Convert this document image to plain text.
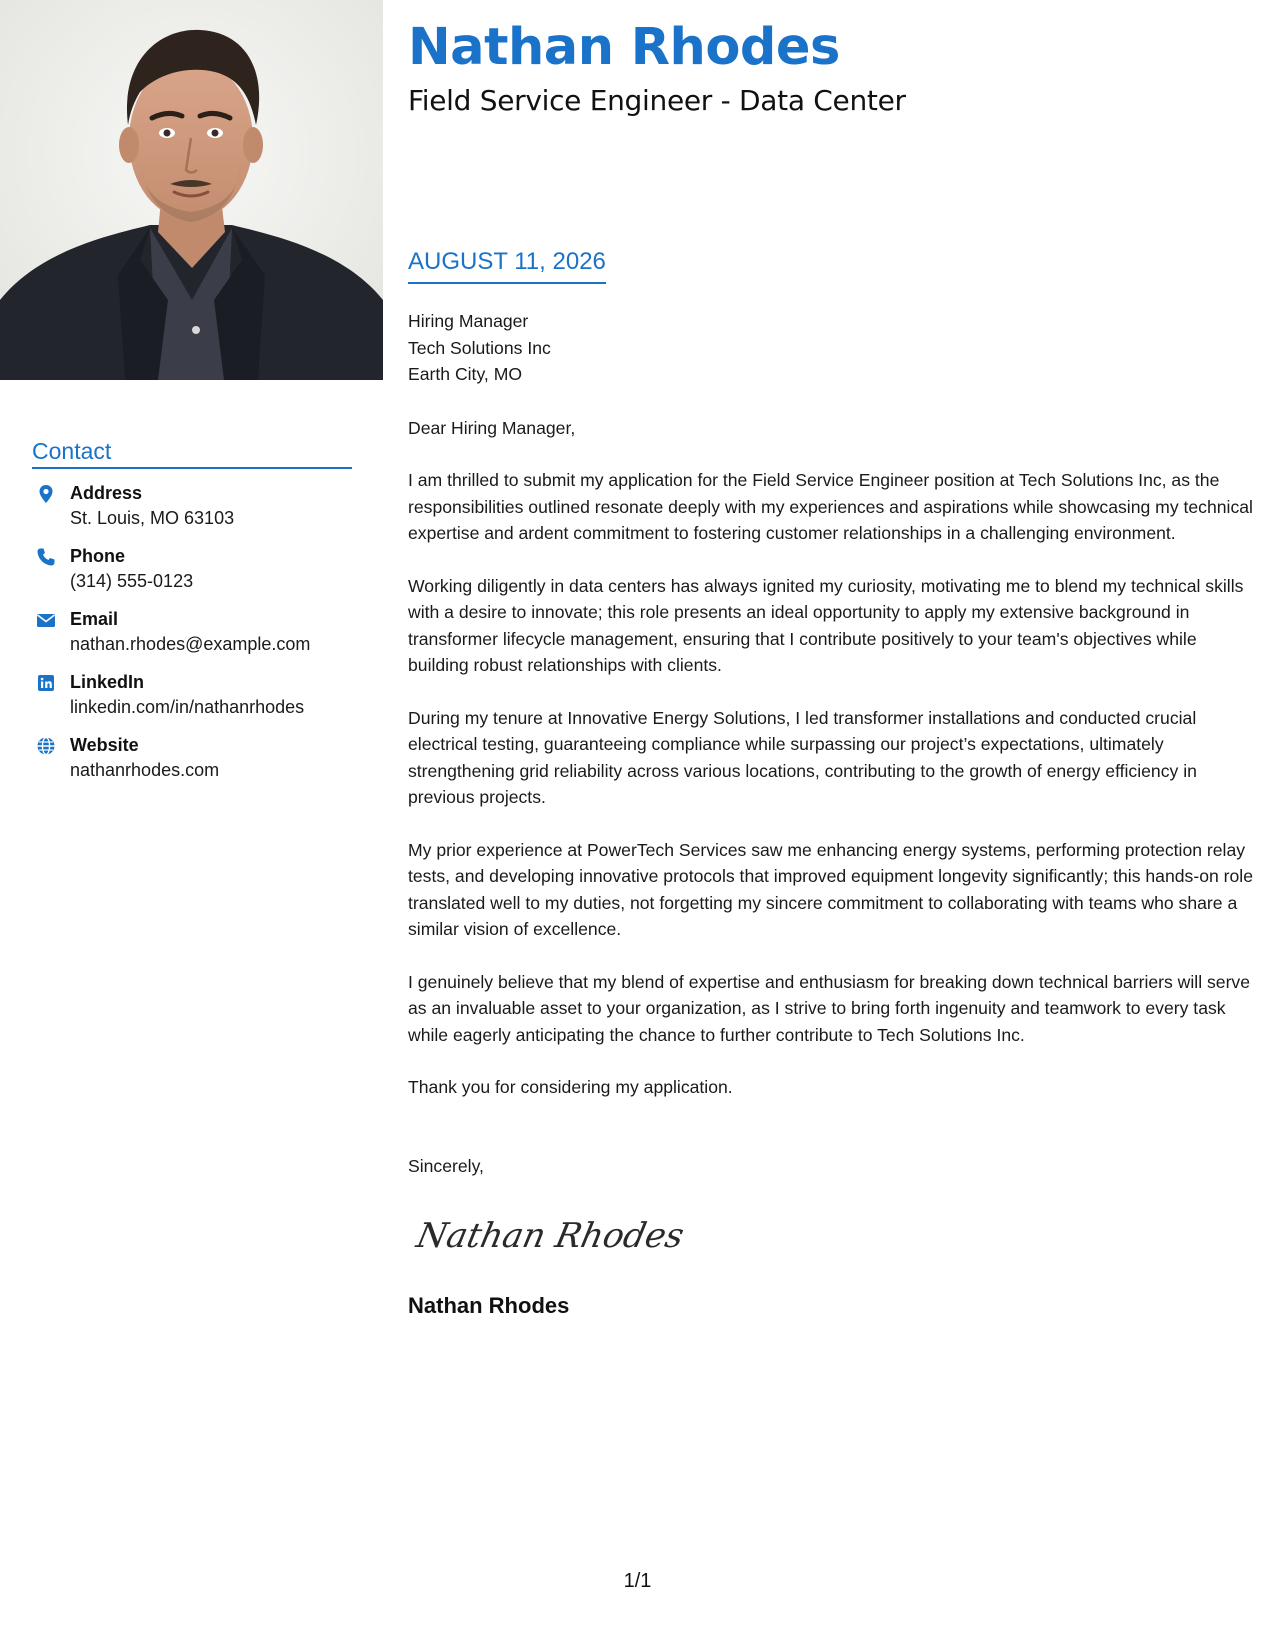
Contact
Address
St. Louis, MO 63103
Phone
(314) 555-0123
Email
nathan.rhodes@example.com
LinkedIn
linkedin.com/in/nathanrhodes
Website
nathanrhodes.com
Nathan Rhodes
Field Service Engineer - Data Center
AUGUST 11, 2026
Hiring Manager
Tech Solutions Inc
Earth City, MO
Dear Hiring Manager,
I am thrilled to submit my application for the Field Service Engineer position at Tech Solutions Inc, as the responsibilities outlined resonate deeply with my experiences and aspirations while showcasing my technical expertise and ardent commitment to fostering customer relationships in a challenging environment.
Working diligently in data centers has always ignited my curiosity, motivating me to blend my technical skills with a desire to innovate; this role presents an ideal opportunity to apply my extensive background in transformer lifecycle management, ensuring that I contribute positively to your team's objectives while building robust relationships with clients.
During my tenure at Innovative Energy Solutions, I led transformer installations and conducted crucial electrical testing, guaranteeing compliance while surpassing our project’s expectations, ultimately strengthening grid reliability across various locations, contributing to the growth of energy efficiency in previous projects.
My prior experience at PowerTech Services saw me enhancing energy systems, performing protection relay tests, and developing innovative protocols that improved equipment longevity significantly; this hands-on role translated well to my duties, not forgetting my sincere commitment to collaborating with teams who share a similar vision of excellence.
I genuinely believe that my blend of expertise and enthusiasm for breaking down technical barriers will serve as an invaluable asset to your organization, as I strive to bring forth ingenuity and teamwork to every task while eagerly anticipating the chance to further contribute to Tech Solutions Inc.
Thank you for considering my application.
Sincerely,
Nathan Rhodes
Nathan Rhodes
1/1
